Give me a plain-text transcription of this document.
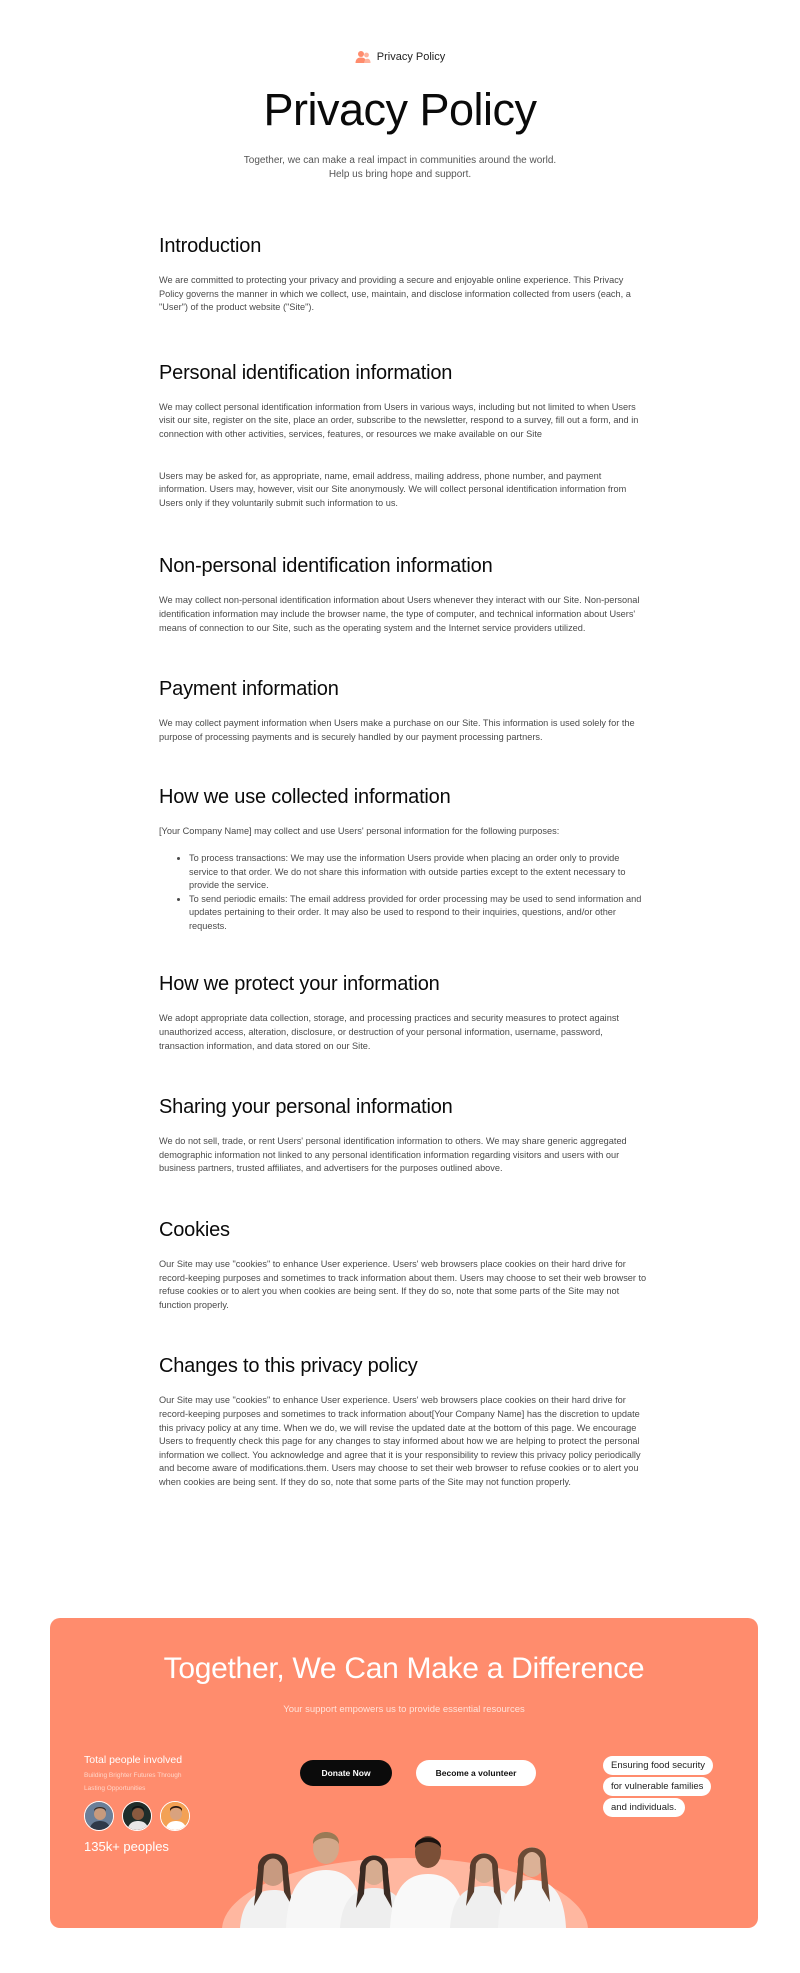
Privacy Policy
Privacy Policy
Together, we can make a real impact in communities around the world.
Help us bring hope and support.
Introduction

We are committed to protecting your privacy and providing a secure and enjoyable online experience. This Privacy Policy governs the manner in which we collect, use, maintain, and disclose information collected from users (each, a "User") of the product website ("Site").

Personal identification information

We may collect personal identification information from Users in various ways, including but not limited to when Users visit our site, register on the site, place an order, subscribe to the newsletter, respond to a survey, fill out a form, and in connection with other activities, services, features, or resources we make available on our Site

Users may be asked for, as appropriate, name, email address, mailing address, phone number, and payment information. Users may, however, visit our Site anonymously. We will collect personal identification information from Users only if they voluntarily submit such information to us.

Non-personal identification information

We may collect non-personal identification information about Users whenever they interact with our Site. Non-personal identification information may include the browser name, the type of computer, and technical information about Users' means of connection to our Site, such as the operating system and the Internet service providers utilized.

Payment information

We may collect payment information when Users make a purchase on our Site. This information is used solely for the purpose of processing payments and is securely handled by our payment processing partners.

How we use collected information

[Your Company Name] may collect and use Users' personal information for the following purposes:

• To process transactions: We may use the information Users provide when placing an order only to provide service to that order. We do not share this information with outside parties except to the extent necessary to provide the service.
• To send periodic emails: The email address provided for order processing may be used to send information and updates pertaining to their order. It may also be used to respond to their inquiries, questions, and/or other requests.
How we protect your information

We adopt appropriate data collection, storage, and processing practices and security measures to protect against unauthorized access, alteration, disclosure, or destruction of your personal information, username, password, transaction information, and data stored on our Site.

Sharing your personal information

We do not sell, trade, or rent Users' personal identification information to others. We may share generic aggregated demographic information not linked to any personal identification information regarding visitors and users with our business partners, trusted affiliates, and advertisers for the purposes outlined above.

Cookies

Our Site may use "cookies" to enhance User experience. Users' web browsers place cookies on their hard drive for record-keeping purposes and sometimes to track information about them. Users may choose to set their web browser to refuse cookies or to alert you when cookies are being sent. If they do so, note that some parts of the Site may not function properly.

Changes to this privacy policy

Our Site may use "cookies" to enhance User experience. Users' web browsers place cookies on their hard drive for record-keeping purposes and sometimes to track information about[Your Company Name] has the discretion to update this privacy policy at any time. When we do, we will revise the updated date at the bottom of this page. We encourage Users to frequently check this page for any changes to stay informed about how we are helping to protect the personal information we collect. You acknowledge and agree that it is your responsibility to review this privacy policy periodically and become aware of modifications.them. Users may choose to set their web browser to refuse cookies or to alert you when cookies are being sent. If they do so, note that some parts of the Site may not function properly.

Together, We Can Make a Difference
Your support empowers us to provide essential resources
Total people involved
Building Brighter Futures Through Lasting Opportunities
135k+ peoples
Donate Now	Become a volunteer
Ensuring food security
for vulnerable families
and individuals.
